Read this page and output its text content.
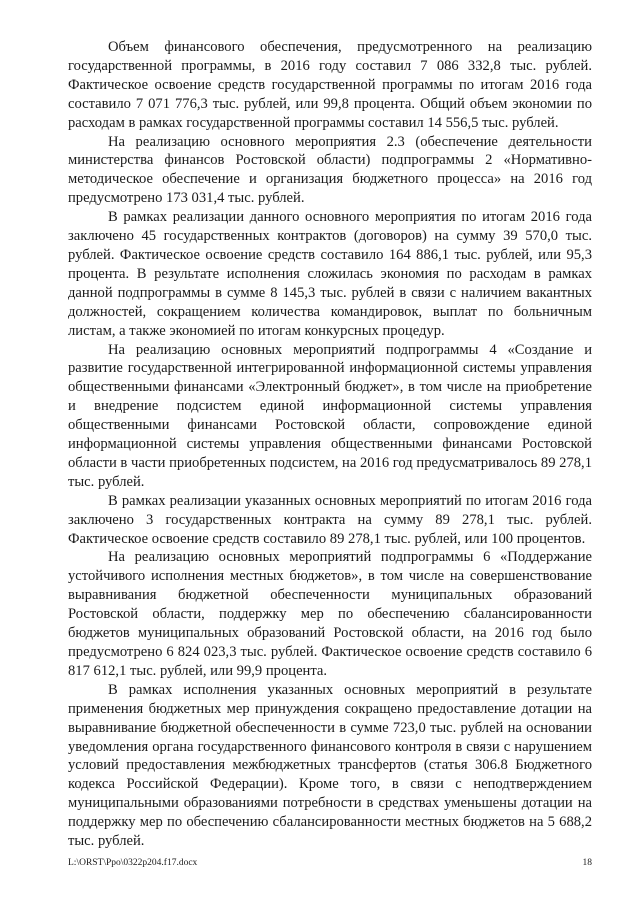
Объем финансового обеспечения, предусмотренного на реализацию государственной программы, в 2016 году составил 7 086 332,8 тыс. рублей. Фактическое освоение средств государственной программы по итогам 2016 года составило 7 071 776,3 тыс. рублей, или 99,8 процента. Общий объем экономии по расходам в рамках государственной программы составил 14 556,5 тыс. рублей.

На реализацию основного мероприятия 2.3 (обеспечение деятельности министерства финансов Ростовской области) подпрограммы 2 «Нормативно-методическое обеспечение и организация бюджетного процесса» на 2016 год предусмотрено 173 031,4 тыс. рублей.

В рамках реализации данного основного мероприятия по итогам 2016 года заключено 45 государственных контрактов (договоров) на сумму 39 570,0 тыс. рублей. Фактическое освоение средств составило 164 886,1 тыс. рублей, или 95,3 процента. В результате исполнения сложилась экономия по расходам в рамках данной подпрограммы в сумме 8 145,3 тыс. рублей в связи с наличием вакантных должностей, сокращением количества командировок, выплат по больничным листам, а также экономией по итогам конкурсных процедур.

На реализацию основных мероприятий подпрограммы 4 «Создание и развитие государственной интегрированной информационной системы управления общественными финансами «Электронный бюджет», в том числе на приобретение и внедрение подсистем единой информационной системы управления общественными финансами Ростовской области, сопровождение единой информационной системы управления общественными финансами Ростовской области в части приобретенных подсистем, на 2016 год предусматривалось 89 278,1 тыс. рублей.

В рамках реализации указанных основных мероприятий по итогам 2016 года заключено 3 государственных контракта на сумму 89 278,1 тыс. рублей. Фактическое освоение средств составило 89 278,1 тыс. рублей, или 100 процентов.

На реализацию основных мероприятий подпрограммы 6 «Поддержание устойчивого исполнения местных бюджетов», в том числе на совершенствование выравнивания бюджетной обеспеченности муниципальных образований Ростовской области, поддержку мер по обеспечению сбалансированности бюджетов муниципальных образований Ростовской области, на 2016 год было предусмотрено 6 824 023,3 тыс. рублей. Фактическое освоение средств составило 6 817 612,1 тыс. рублей, или 99,9 процента.

В рамках исполнения указанных основных мероприятий в результате применения бюджетных мер принуждения сокращено предоставление дотации на выравнивание бюджетной обеспеченности в сумме 723,0 тыс. рублей на основании уведомления органа государственного финансового контроля в связи с нарушением условий предоставления межбюджетных трансфертов (статья 306.8 Бюджетного кодекса Российской Федерации). Кроме того, в связи с неподтверждением муниципальными образованиями потребности в средствах уменьшены дотации на поддержку мер по обеспечению сбалансированности местных бюджетов на 5 688,2 тыс. рублей.

L:\ORST\Ppo\0322p204.f17.docx	18
